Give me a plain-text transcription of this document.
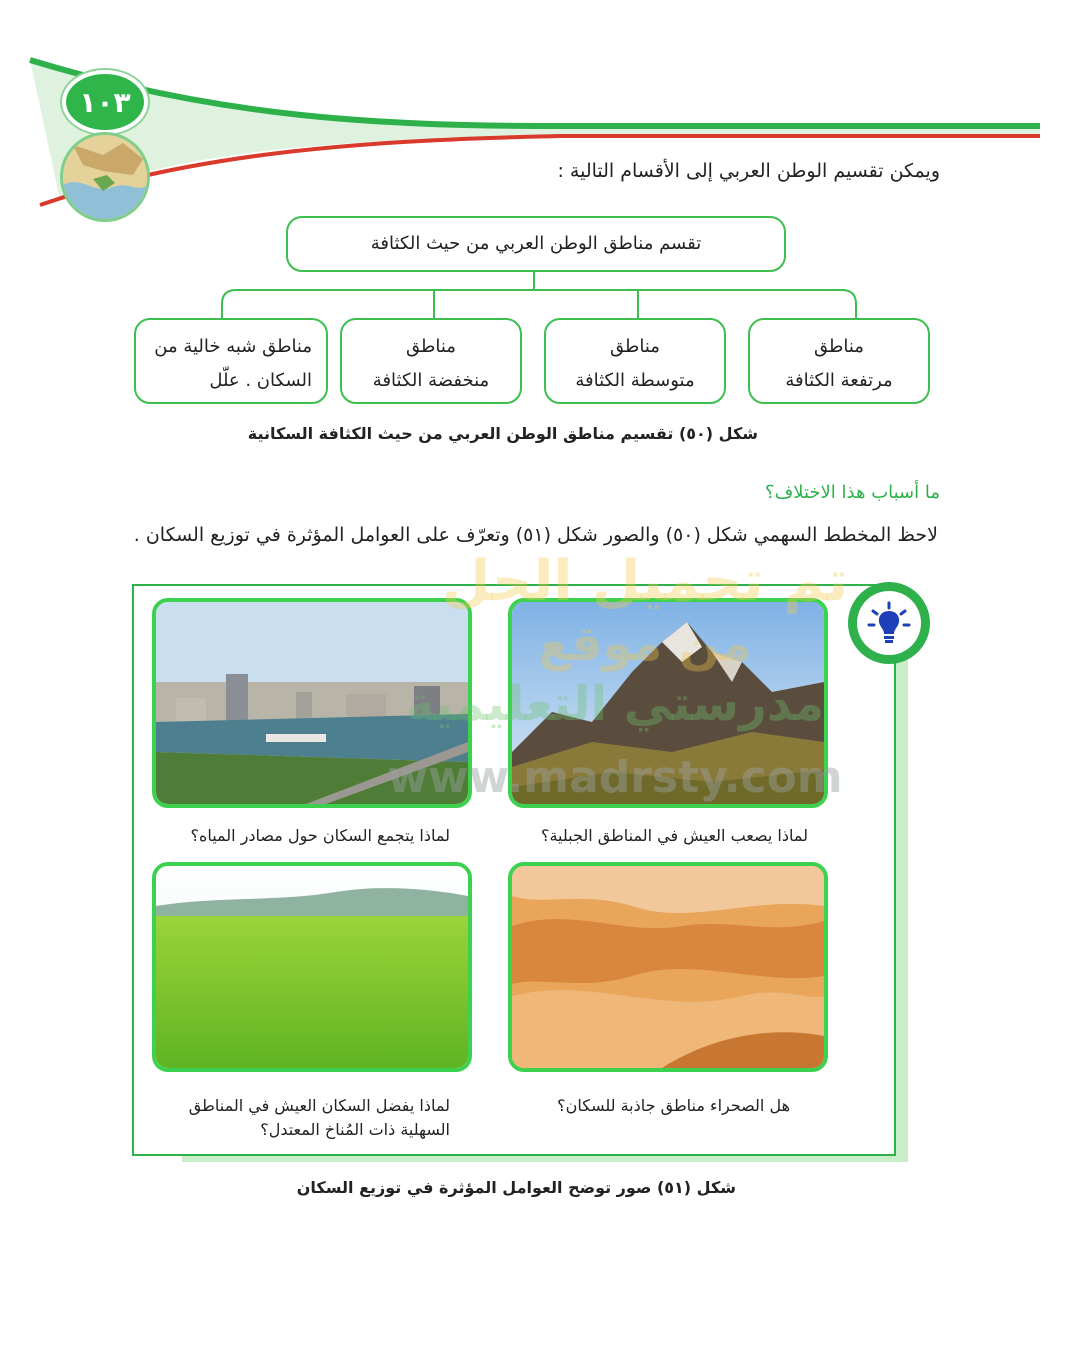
١٠٣
ويمكن تقسيم الوطن العربي إلى الأقسام التالية :
تقسم مناطق الوطن العربي من حيث الكثافة
مناطق
مرتفعة الكثافة
مناطق
متوسطة الكثافة
مناطق
منخفضة الكثافة
مناطق شبه خالية من
السكان . علّل
شكل (٥٠) تقسيم مناطق الوطن العربي من حيث الكثافة السكانية
ما أسباب هذا الاختلاف؟
لاحظ المخطط السهمي شكل (٥٠) والصور شكل (٥١) وتعرّف على العوامل المؤثرة في توزيع السكان .
لماذا يصعب العيش في المناطق الجبلية؟
لماذا يتجمع السكان حول مصادر المياه؟
هل الصحراء مناطق جاذبة للسكان؟
لماذا يفضل السكان العيش في المناطق
السهلية ذات المُناخ المعتدل؟
شكل (٥١) صور توضح العوامل المؤثرة في توزيع السكان
تم تحميل الحل
من موقع
مدرستي التعليمية
www.madrsty.com
